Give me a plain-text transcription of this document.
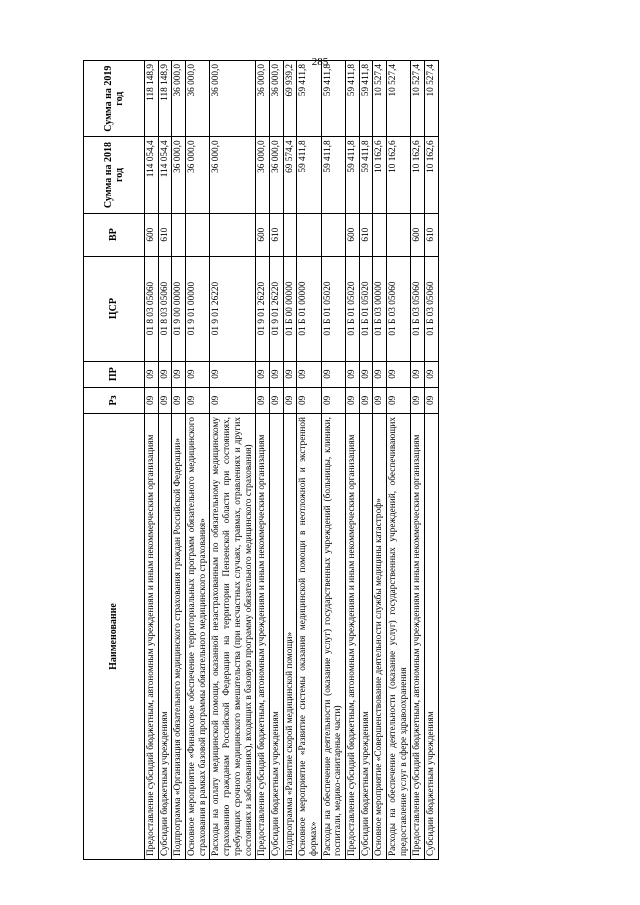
285
Наименование	Рз	ПР	ЦСР	ВР	Сумма на 2018 год	Сумма на 2019 год
Предоставление субсидий бюджетным, автономным учреждениям и иным некоммерческим организациям	09	09	01 8 03 05060	600	114 054,4	118 148,9
Субсидии бюджетным учреждениям	09	09	01 8 03 05060	610	114 054,4	118 148,9
Подпрограмма «Организация обязательного медицинского страхования граждан Российской Федерации»	09	09	01 9 00 00000		36 000,0	36 000,0
Основное мероприятие «Финансовое обеспечение территориальных программ обязательного медицинского страхования в рамках базовой программы обязательного медицинского страхования»	09	09	01 9 01 00000		36 000,0	36 000,0
Расходы на оплату медицинской помощи, оказанной незастрахованным по обязательному медицинскому страхованию гражданам Российской Федерации на территории Пензенской области при состояниях, требующих срочного медицинского вмешательства (при несчастных случаях, травмах, отравлениях и других состояниях и заболеваниях), входящих в базовую программу обязательного медицинского страхования)	09	09	01 9 01 26220		36 000,0	36 000,0
Предоставление субсидий бюджетным, автономным учреждениям и иным некоммерческим организациям	09	09	01 9 01 26220	600	36 000,0	36 000,0
Субсидии бюджетным учреждениям	09	09	01 9 01 26220	610	36 000,0	36 000,0
Подпрограмма «Развитие скорой медицинской помощи»	09	09	01 Б 00 00000		69 574,4	69 939,2
Основное мероприятие «Развитие системы оказания медицинской помощи в неотложной и экстренной формах»	09	09	01 Б 01 00000		59 411,8	59 411,8
Расходы на обеспечение деятельности (оказание услуг) государственных учреждений (больницы, клиники, госпитали, медико-санитарные части)	09	09	01 Б 01 05020		59 411,8	59 411,8
Предоставление субсидий бюджетным, автономным учреждениям и иным некоммерческим организациям	09	09	01 Б 01 05020	600	59 411,8	59 411,8
Субсидии бюджетным учреждениям	09	09	01 Б 01 05020	610	59 411,8	59 411,8
Основное мероприятие «Совершенствование деятельности службы медицины катастроф»	09	09	01 Б 03 00000		10 162,6	10 527,4
Расходы на обеспечение деятельности (оказание услуг) государственных учреждений, обеспечивающих предоставление услуг в сфере здравоохранения	09	09	01 Б 03 05060		10 162,6	10 527,4
Предоставление субсидий бюджетным, автономным учреждениям и иным некоммерческим организациям	09	09	01 Б 03 05060	600	10 162,6	10 527,4
Субсидии бюджетным учреждениям	09	09	01 Б 03 05060	610	10 162,6	10 527,4
